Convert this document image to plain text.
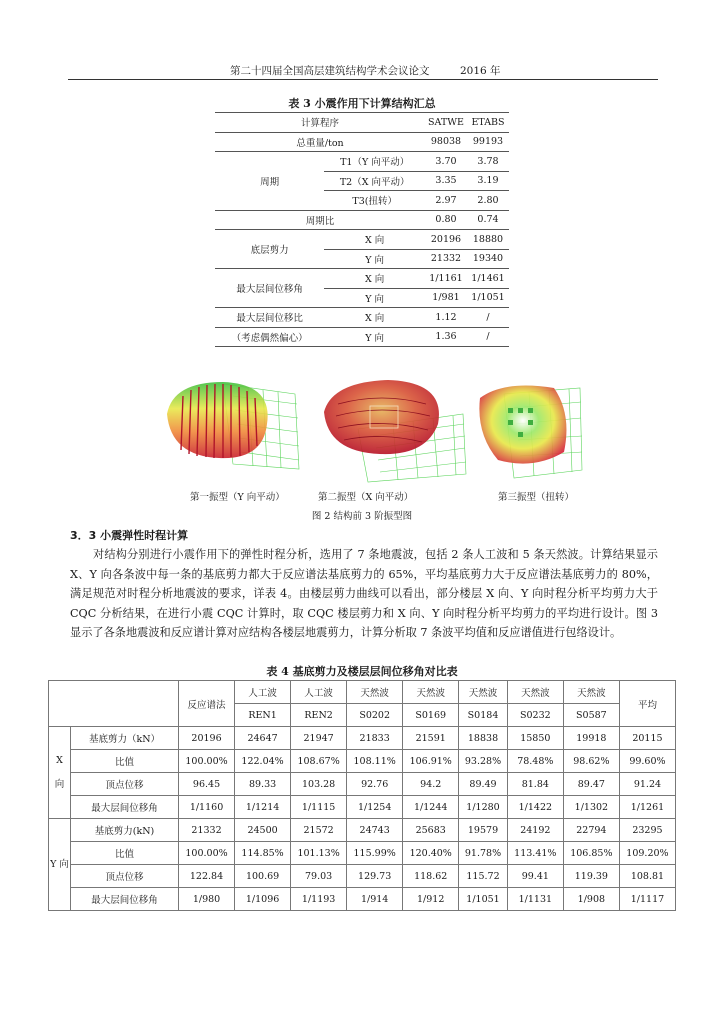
第二十四届全国高层建筑结构学术会议论文	2016 年
表 3 小震作用下计算结构汇总
计算程序		SATWE	ETABS
总重量/ton		98038	99193
周期	T1（Y 向平动）	3.70	3.78
	T2（X 向平动）	3.35	3.19
	T3(扭转）	2.97	2.80
周期比		0.80	0.74
底层剪力	X 向	20196	18880
	Y 向	21332	19340
最大层间位移角	X 向	1/1161	1/1461
	Y 向	1/981	1/1051
最大层间位移比	X 向	1.12	/
（考虑偶然偏心）	Y 向	1.36	/
第一振型（Y 向平动）	第二振型（X 向平动）	第三振型（扭转）
图 2 结构前 3 阶振型图
3．3 小震弹性时程计算
对结构分别进行小震作用下的弹性时程分析，选用了 7 条地震波，包括 2 条人工波和 5 条天然波。计算结果显示 X、Y 向各条波中每一条的基底剪力都大于反应谱法基底剪力的 65%，平均基底剪力大于反应谱法基底剪力的 80%，满足规范对时程分析地震波的要求，详表 4。由楼层剪力曲线可以看出，部分楼层 X 向、Y 向时程分析平均剪力大于 CQC 分析结果，在进行小震 CQC 计算时，取 CQC 楼层剪力和 X 向、Y 向时程分析平均剪力的平均进行设计。图 3 显示了各条地震波和反应谱计算对应结构各楼层地震剪力，计算分析取 7 条波平均值和反应谱值进行包络设计。
表 4 基底剪力及楼层层间位移角对比表
		反应谱法	人工波	人工波	天然波	天然波	天然波	天然波	天然波	平均
			REN1	REN2	S0202	S0169	S0184	S0232	S0587	
X 向	基底剪力（kN）	20196	24647	21947	21833	21591	18838	15850	19918	20115
	比值	100.00%	122.04%	108.67%	108.11%	106.91%	93.28%	78.48%	98.62%	99.60%
	顶点位移	96.45	89.33	103.28	92.76	94.2	89.49	81.84	89.47	91.24
	最大层间位移角	1/1160	1/1214	1/1115	1/1254	1/1244	1/1280	1/1422	1/1302	1/1261
Y 向	基底剪力(kN)	21332	24500	21572	24743	25683	19579	24192	22794	23295
	比值	100.00%	114.85%	101.13%	115.99%	120.40%	91.78%	113.41%	106.85%	109.20%
	顶点位移	122.84	100.69	79.03	129.73	118.62	115.72	99.41	119.39	108.81
	最大层间位移角	1/980	1/1096	1/1193	1/914	1/912	1/1051	1/1131	1/908	1/1117
